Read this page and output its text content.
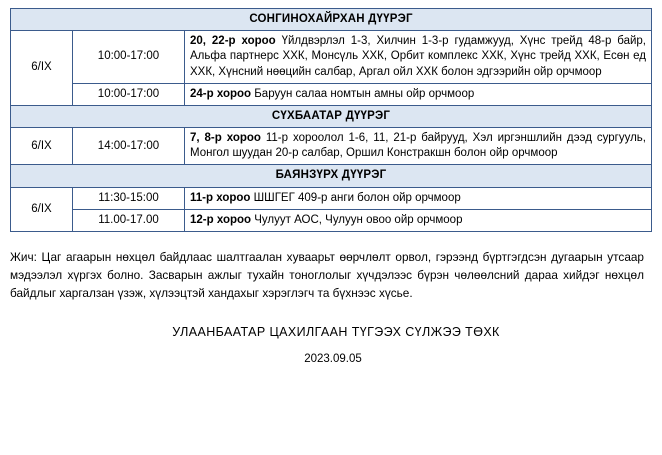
СОНГИНОХАЙРХАН ДҮҮРЭГ		
6/IX	10:00-17:00	20, 22-р хороо Үйлдвэрлэл 1-3, Хилчин 1-3-р гудамжууд, Хүнс трейд 48-р байр, Альфа партнерс ХХК, Монсүль ХХК, Орбит комплекс ХХК, Хүнс трейд ХХК, Есөн ед ХХК, Хүнсний нөөцийн салбар, Аргал ойл ХХК болон эдгээрийн ойр орчмоор
	10:00-17:00	24-р хороо Баруун салаа номтын амны ойр орчмоор
СҮХБААТАР ДҮҮРЭГ		
6/IX	14:00-17:00	7, 8-р хороо 11-р хороолол 1-6, 11, 21-р байрууд, Хэл иргэншлийн дээд сургууль, Монгол шуудан 20-р салбар, Оршил Констракшн болон ойр орчмоор
БАЯНЗҮРХ ДҮҮРЭГ		
6/IX	11:30-15:00	11-р хороо ШШГЕГ 409-р анги болон ойр орчмоор
	11.00-17.00	12-р хороо Чулуут АОС, Чулуун овоо ойр орчмоор
Жич: Цаг агаарын нөхцөл байдлаас шалтгаалан хуваарьт өөрчлөлт орвол, гэрээнд бүртгэгдсэн дугаарын утсаар мэдээлэл хүргэх болно. Засварын ажлыг тухайн тоноглолыг хүчдэлээс бүрэн чөлөөлсний дараа хийдэг нөхцөл байдлыг харгалзан үзэж, хүлээцтэй хандахыг хэрэглэгч та бүхнээс хүсье.
УЛААНБААТАР ЦАХИЛГААН ТҮГЭЭХ СҮЛЖЭЭ ТӨХК
2023.09.05
